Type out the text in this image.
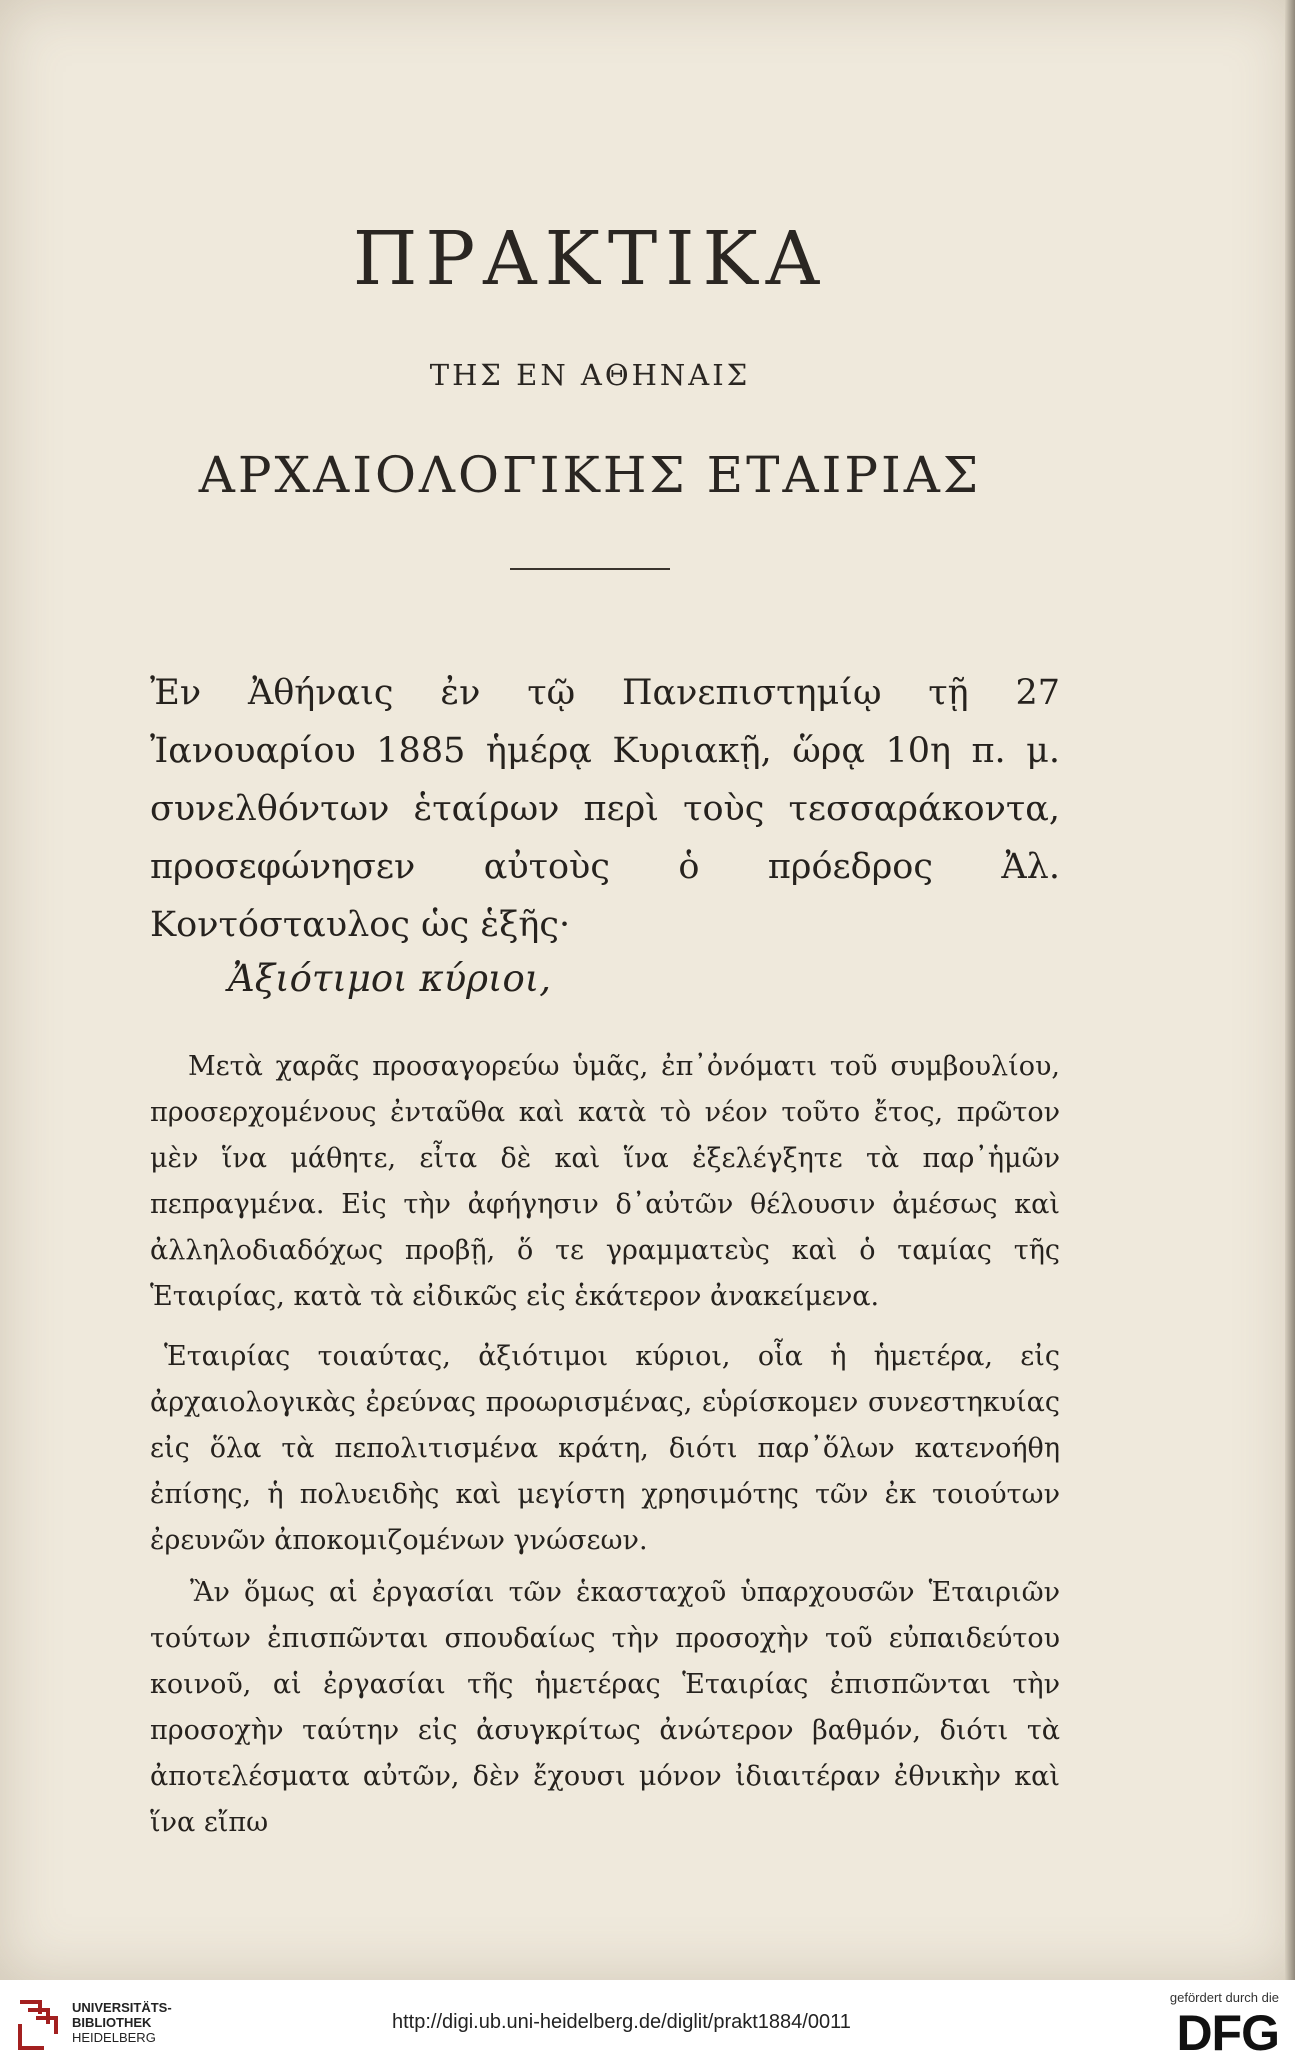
ΠΡΑΚΤΙΚΑ
ΤΗΣ ΕΝ ΑΘΗΝΑΙΣ
ΑΡΧΑΙΟΛΟΓΙΚΗΣ ΕΤΑΙΡΙΑΣ
Ἐν Ἀθήναις ἐν τῷ Πανεπιστημίῳ τῇ 27 Ἰανουαρίου 1885 ἡμέρᾳ Κυριακῇ, ὥρᾳ 10η π. μ. συνελθόντων ἑταίρων περὶ τοὺς τεσσαράκοντα, προσεφώνησεν αὐτοὺς ὁ πρόεδρος Ἀλ. Κοντόσταυλος ὡς ἑξῆς·
Ἀξιότιμοι κύριοι,
Μετὰ χαρᾶς προσαγορεύω ὑμᾶς, ἐπ᾽ὀνόματι τοῦ συμβουλίου, προσερχομένους ἐνταῦθα καὶ κατὰ τὸ νέον τοῦτο ἔτος, πρῶτον μὲν ἵνα μάθητε, εἶτα δὲ καὶ ἵνα ἐξελέγξητε τὰ παρ᾽ἡμῶν πεπραγμένα. Εἰς τὴν ἀφήγησιν δ᾽αὐτῶν θέλουσιν ἀμέσως καὶ ἀλληλοδιαδόχως προβῇ, ὅ τε γραμματεὺς καὶ ὁ ταμίας τῆς Ἑταιρίας, κατὰ τὰ εἰδικῶς εἰς ἑκάτερον ἀνακείμενα.
Ἑταιρίας τοιαύτας, ἀξιότιμοι κύριοι, οἷα ἡ ἡμετέρα, εἰς ἀρχαιολογικὰς ἐρεύνας προωρισμένας, εὑρίσκομεν συνεστηκυίας εἰς ὅλα τὰ πεπολιτισμένα κράτη, διότι παρ᾽ὅλων κατενοήθη ἐπίσης, ἡ πολυειδὴς καὶ μεγίστη χρησιμότης τῶν ἐκ τοιούτων ἐρευνῶν ἀποκομιζομένων γνώσεων.
Ἂν ὅμως αἱ ἐργασίαι τῶν ἑκασταχοῦ ὑπαρχουσῶν Ἑταιριῶν τούτων ἐπισπῶνται σπουδαίως τὴν προσοχὴν τοῦ εὐπαιδεύτου κοινοῦ, αἱ ἐργασίαι τῆς ἡμετέρας Ἑταιρίας ἐπισπῶνται τὴν προσοχὴν ταύτην εἰς ἀσυγκρίτως ἀνώτερον βαθμόν, διότι τὰ ἀποτελέσματα αὐτῶν, δὲν ἔχουσι μόνον ἰδιαιτέραν ἐθνικὴν καὶ ἵνα εἴπω
UNIVERSITÄTS-
BIBLIOTHEK
HEIDELBERG
http://digi.ub.uni-heidelberg.de/diglit/prakt1884/0011
gefördert durch die
DFG
